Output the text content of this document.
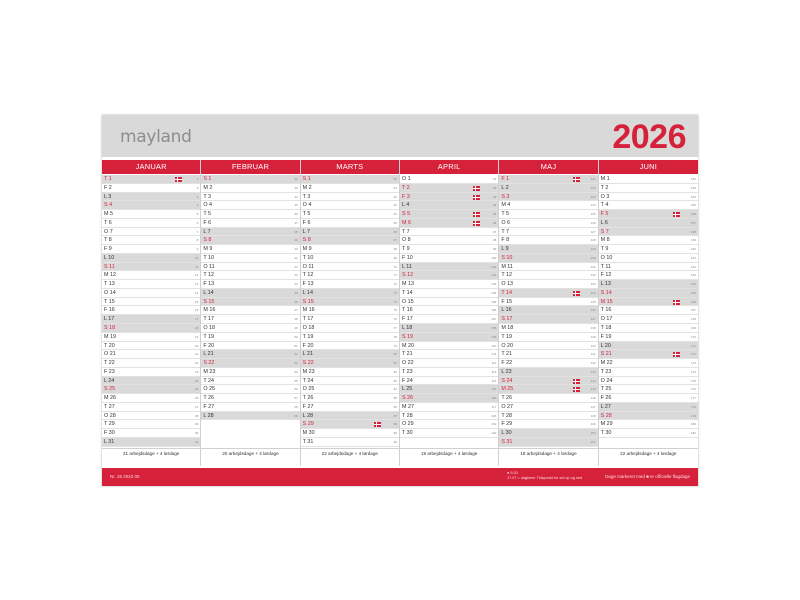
mayland	2026
JANUAR
T 1	1
F 2	2
L 3	3
S 4	4
M 5	5
T 6	6
O 7	7
T 8	8
F 9	9
L 10	10
S 11	11
M 12	12
T 13	13
O 14	14
T 15	15
F 16	16
L 17	17
S 18	18
M 19	19
T 20	20
O 21	21
T 22	22
F 23	23
L 24	24
S 25	25
M 26	26
T 27	27
O 28	28
T 29	29
F 30	30
L 31	31
21 arbejdsdage + 4 lørdage
FEBRUAR
S 1	32
M 2	33
T 3	34
O 4	35
T 5	36
F 6	37
L 7	38
S 8	39
M 9	40
T 10	41
O 11	42
T 12	43
F 13	44
L 14	45
S 15	46
M 16	47
T 17	48
O 18	49
T 19	50
F 20	51
L 21	52
S 22	53
M 23	54
T 24	55
O 25	56
T 26	57
F 27	58
L 28	59
20 arbejdsdage + 4 lørdage
MARTS
S 1	60
M 2	61
T 3	62
O 4	63
T 5	64
F 6	65
L 7	66
S 8	67
M 9	68
T 10	69
O 11	70
T 12	71
F 13	72
L 14	73
S 15	74
M 16	75
T 17	76
O 18	77
T 19	78
F 20	79
L 21	80
S 22	81
M 23	82
T 24	83
O 25	84
T 26	85
F 27	86
L 28	87
S 29	88
M 30	89
T 31	90
22 arbejdsdage + 4 lørdage
APRIL
O 1	91
T 2	92
F 3	93
L 4	94
S 5	95
M 6	96
T 7	97
O 8	98
T 9	99
F 10	100
L 11	101
S 12	102
M 13	103
T 14	104
O 15	105
T 16	106
F 17	107
L 18	108
S 19	109
M 20	110
T 21	111
O 22	112
T 23	113
F 24	114
L 25	115
S 26	116
M 27	117
T 28	118
O 29	119
T 30	120
19 arbejdsdage + 4 lørdage
MAJ
F 1	121
L 2	122
S 3	123
M 4	124
T 5	125
O 6	126
T 7	127
F 8	128
L 9	129
S 10	130
M 11	131
T 12	132
O 13	133
T 14	134
F 15	135
L 16	136
S 17	137
M 18	138
T 19	139
O 20	140
T 21	141
F 22	142
L 23	143
S 24	144
M 25	145
T 26	146
O 27	147
T 28	148
F 29	149
L 30	150
S 31	151
18 arbejdsdage + 4 lørdage
JUNI
M 1	152
T 2	153
O 3	154
T 4	155
F 5	156
L 6	157
S 7	158
M 8	159
T 9	160
O 10	161
T 11	162
F 12	163
L 13	164
S 14	165
M 15	166
T 16	167
O 17	168
T 18	169
F 19	170
L 20	171
S 21	172
M 22	173
T 23	174
O 24	175
T 25	176
F 26	177
L 27	178
S 28	179
M 29	180
T 30	181
22 arbejdsdage + 4 lørdage
Nr. 26 2022 00
● 9.20
17.07 = dagtimer Tidspunkt for sol op og ned	Dage markeret med ■ er officielle flagdage
